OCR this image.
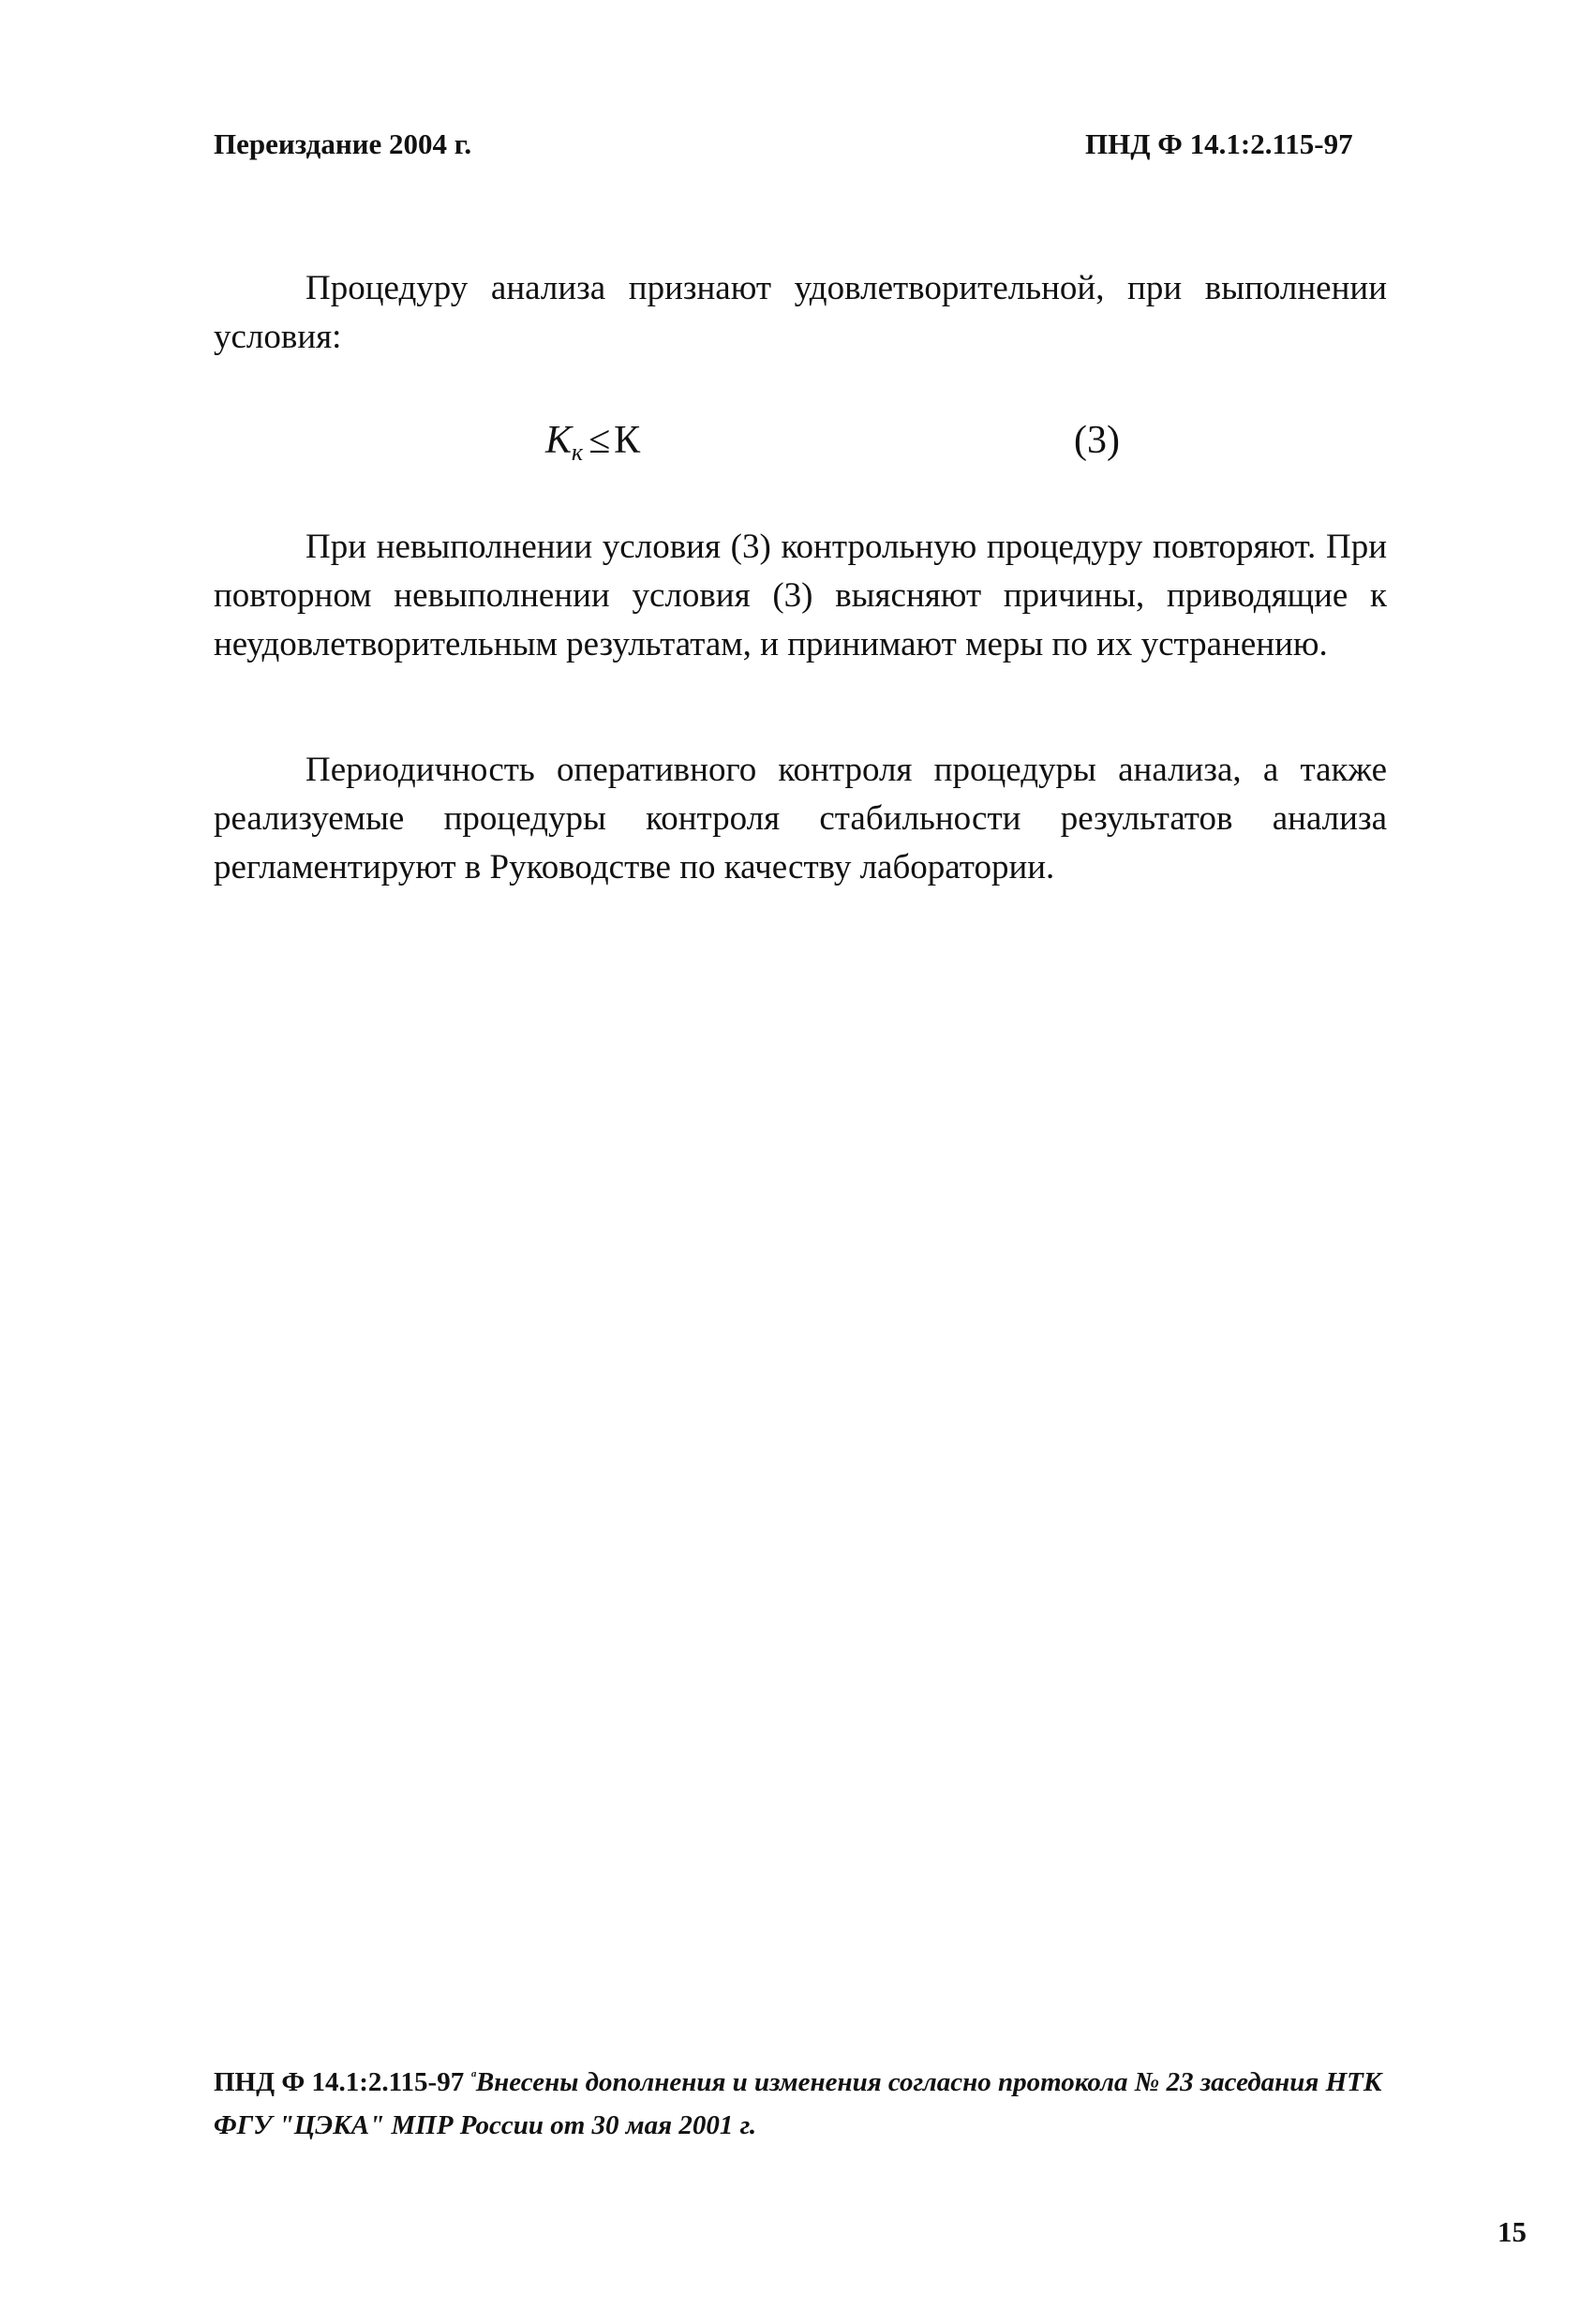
Переиздание 2004 г.	ПНД Ф 14.1:2.115-97

Процедуру анализа признают удовлетворительной, при выполнении условия:

$К_к \le К$	(3)

При невыполнении условия (3) контрольную процедуру повторяют. При повторном невыполнении условия (3) выясняют причины, приводящие к неудовлетворительным результатам, и принимают меры по их устранению.

Периодичность оперативного контроля процедуры анализа, а также реализуемые процедуры контроля стабильности результатов анализа регламентируют в Руководстве по качеству лаборатории.

ПНД Ф 14.1:2.115-97 $^ᵅ$Внесены дополнения и изменения согласно протокола № 23 заседания НТК ФГУ "ЦЭКА" МПР России от 30 мая 2001 г.

15
